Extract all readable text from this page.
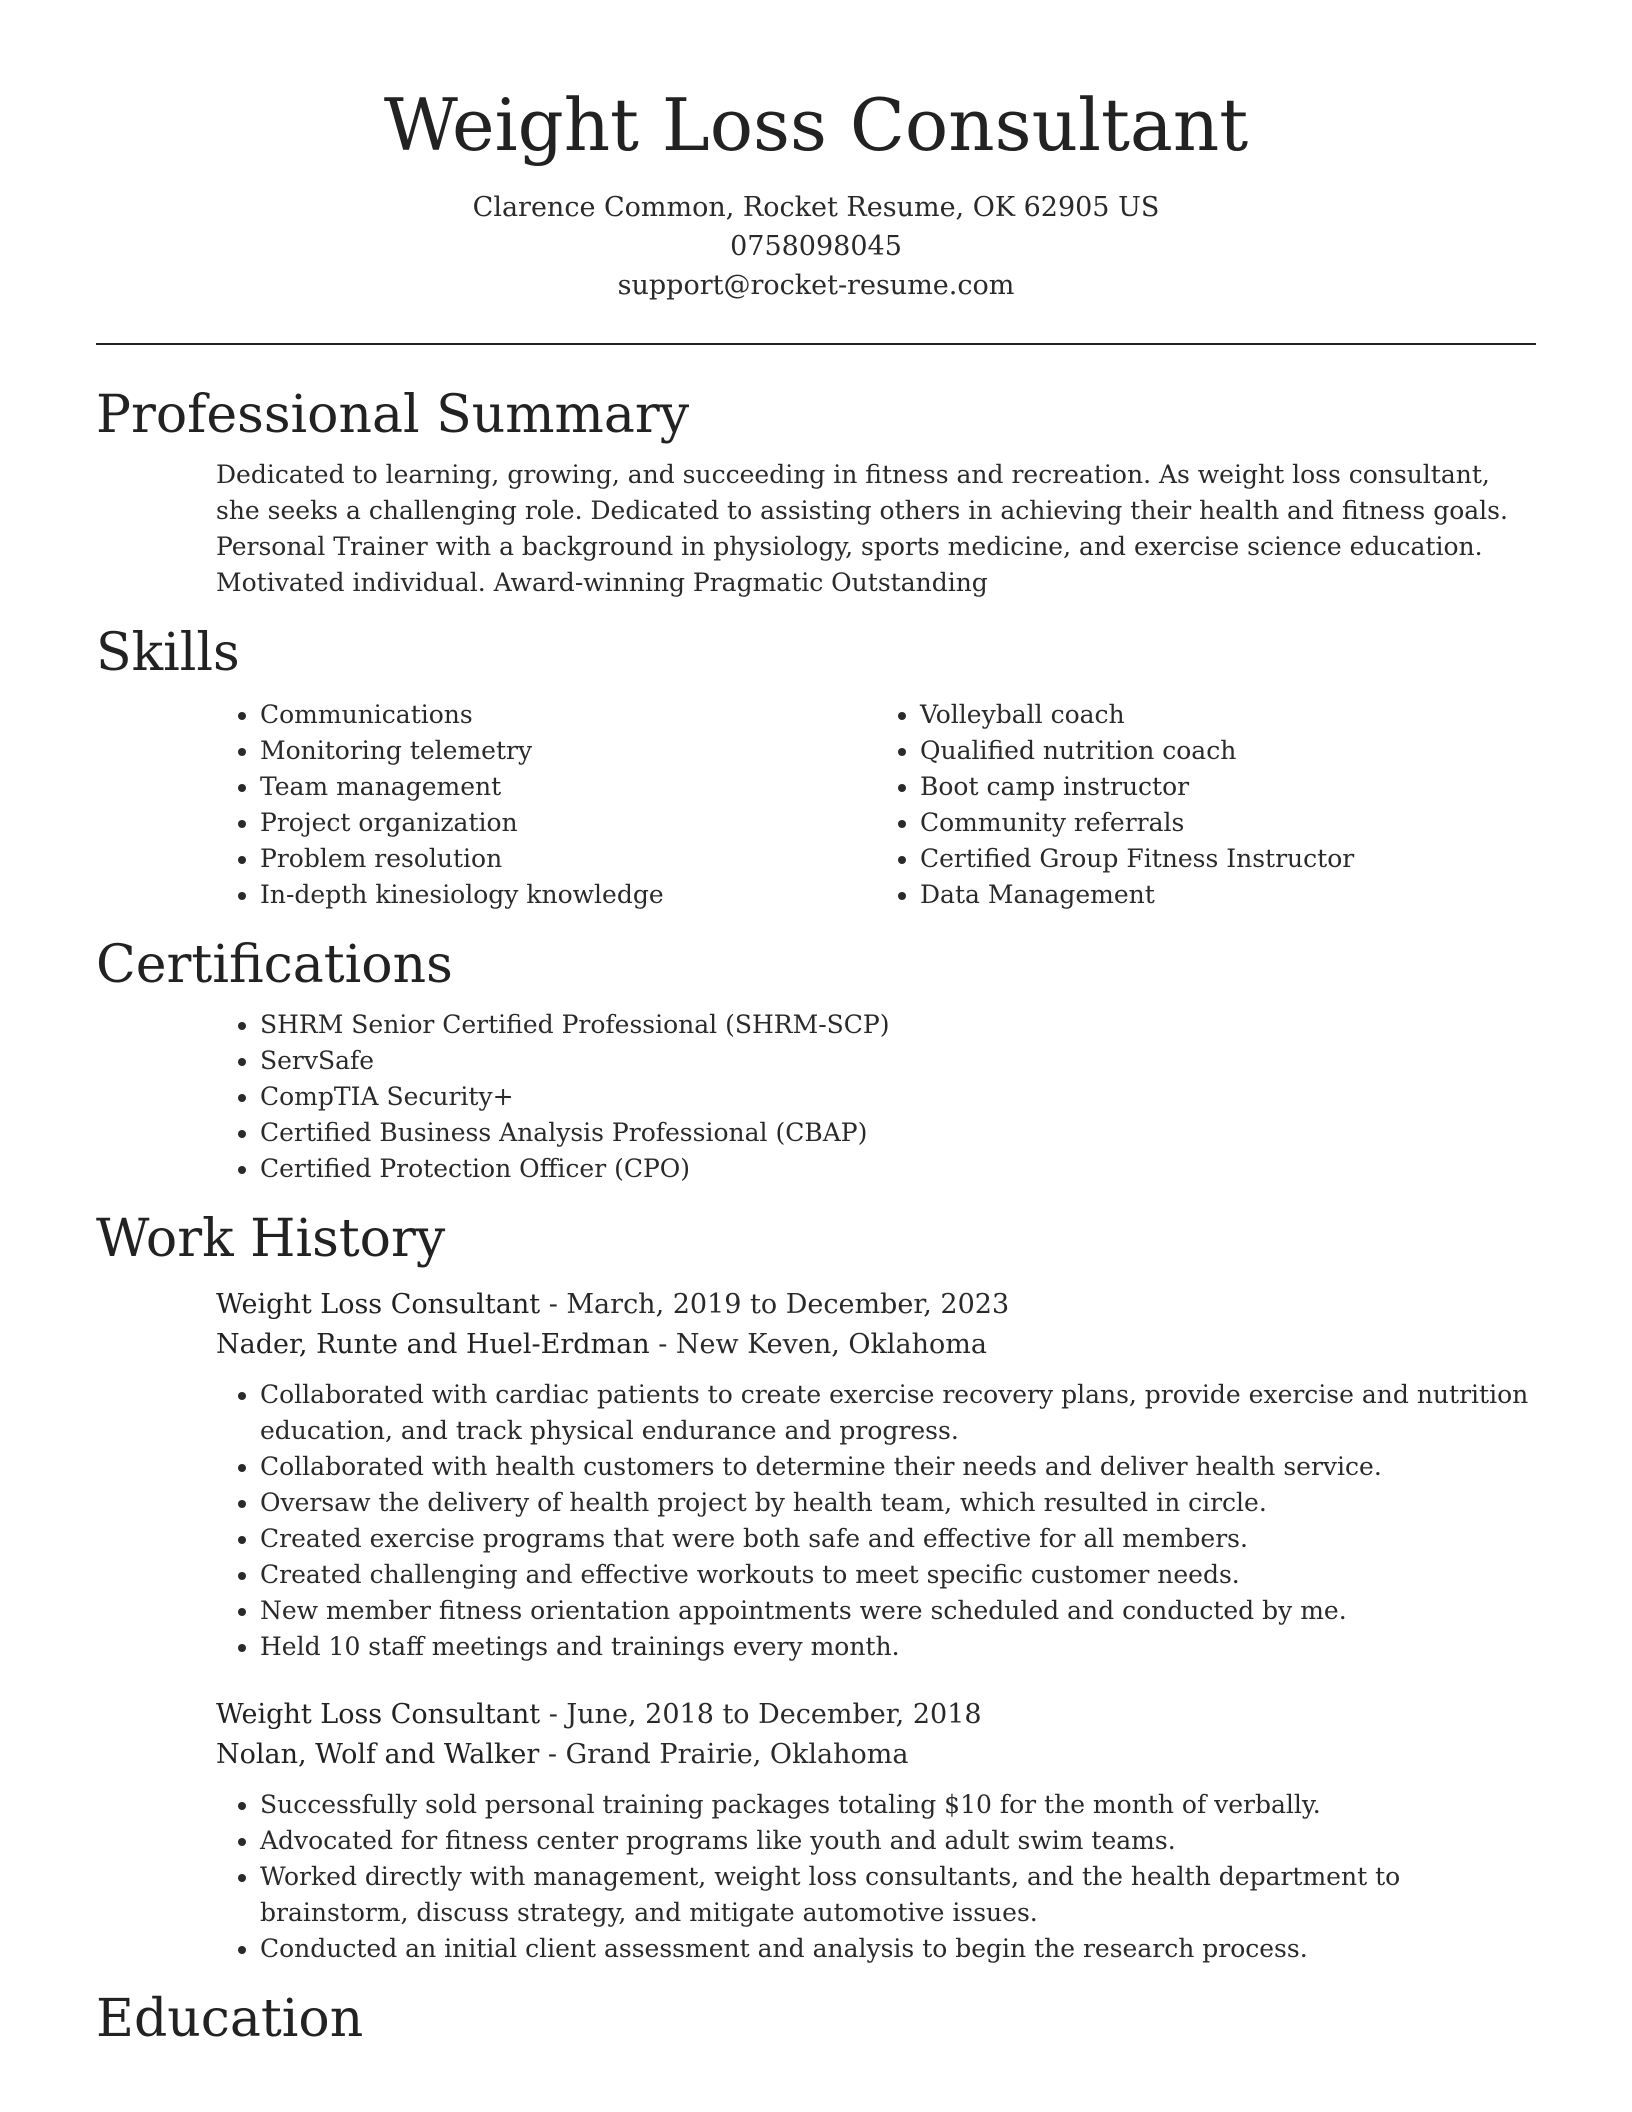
Weight Loss Consultant

Clarence Common, Rocket Resume, OK 62905 US

0758098045

support@rocket-resume.com

Professional Summary

Dedicated to learning, growing, and succeeding in fitness and recreation. As weight loss consultant, she seeks a challenging role. Dedicated to assisting others in achieving their health and fitness goals. Personal Trainer with a background in physiology, sports medicine, and exercise science education. Motivated individual. Award-winning Pragmatic Outstanding

Skills
• Communications
• Monitoring telemetry
• Team management
• Project organization
• Problem resolution
• In-depth kinesiology knowledge
• Volleyball coach
• Qualified nutrition coach
• Boot camp instructor
• Community referrals
• Certified Group Fitness Instructor
• Data Management
Certifications
• SHRM Senior Certified Professional (SHRM-SCP)
• ServSafe
• CompTIA Security+
• Certified Business Analysis Professional (CBAP)
• Certified Protection Officer (CPO)
Work History

Weight Loss Consultant - March, 2019 to December, 2023

Nader, Runte and Huel-Erdman - New Keven, Oklahoma

• Collaborated with cardiac patients to create exercise recovery plans, provide exercise and nutrition education, and track physical endurance and progress.
• Collaborated with health customers to determine their needs and deliver health service.
• Oversaw the delivery of health project by health team, which resulted in circle.
• Created exercise programs that were both safe and effective for all members.
• Created challenging and effective workouts to meet specific customer needs.
• New member fitness orientation appointments were scheduled and conducted by me.
• Held 10 staff meetings and trainings every month.

Weight Loss Consultant - June, 2018 to December, 2018

Nolan, Wolf and Walker - Grand Prairie, Oklahoma

• Successfully sold personal training packages totaling $10 for the month of verbally.
• Advocated for fitness center programs like youth and adult swim teams.
• Worked directly with management, weight loss consultants, and the health department to brainstorm, discuss strategy, and mitigate automotive issues.
• Conducted an initial client assessment and analysis to begin the research process.
Education
